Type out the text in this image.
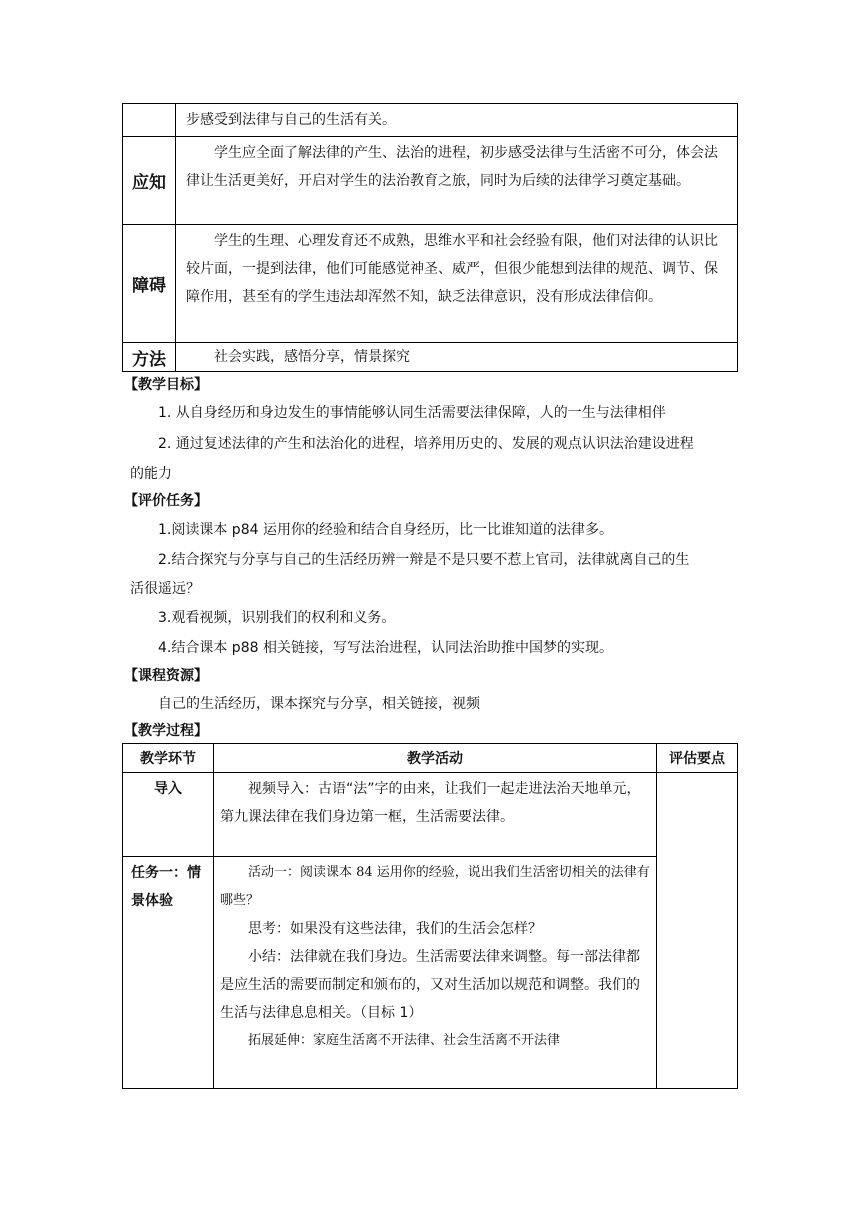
	步感受到法律与自己的生活有关。
应知	学生应全面了解法律的产生、法治的进程，初步感受法律与生活密不可分，体会法律让生活更美好，开启对学生的法治教育之旅，同时为后续的法律学习奠定基础。
障碍	学生的生理、心理发育还不成熟，思维水平和社会经验有限，他们对法律的认识比较片面，一提到法律，他们可能感觉神圣、威严，但很少能想到法律的规范、调节、保障作用，甚至有的学生违法却浑然不知，缺乏法律意识，没有形成法律信仰。
方法	社会实践，感悟分享，情景探究
【教学目标】
1. 从自身经历和身边发生的事情能够认同生活需要法律保障，人的一生与法律相伴
2. 通过复述法律的产生和法治化的进程，培养用历史的、发展的观点认识法治建设进程
的能力
【评价任务】
1.阅读课本 p84 运用你的经验和结合自身经历，比一比谁知道的法律多。
2.结合探究与分享与自己的生活经历辨一辩是不是只要不惹上官司，法律就离自己的生
活很遥远？
3.观看视频，识别我们的权利和义务。
4.结合课本 p88 相关链接，写写法治进程，认同法治助推中国梦的实现。
【课程资源】
自己的生活经历，课本探究与分享，相关链接，视频
【教学过程】
教学环节	教学活动	评估要点
导入	视频导入：古语“法”字的由来，让我们一起走进法治天地单元，第九课法律在我们身边第一框，生活需要法律。	
任务一：情景体验	活动一：阅读课本 84 运用你的经验，说出我们生活密切相关的法律有哪些？
思考：如果没有这些法律，我们的生活会怎样？
小结：法律就在我们身边。生活需要法律来调整。每一部法律都是应生活的需要而制定和颁布的，又对生活加以规范和调整。我们的生活与法律息息相关。（目标 1）
拓展延伸：家庭生活离不开法律、社会生活离不开法律	
